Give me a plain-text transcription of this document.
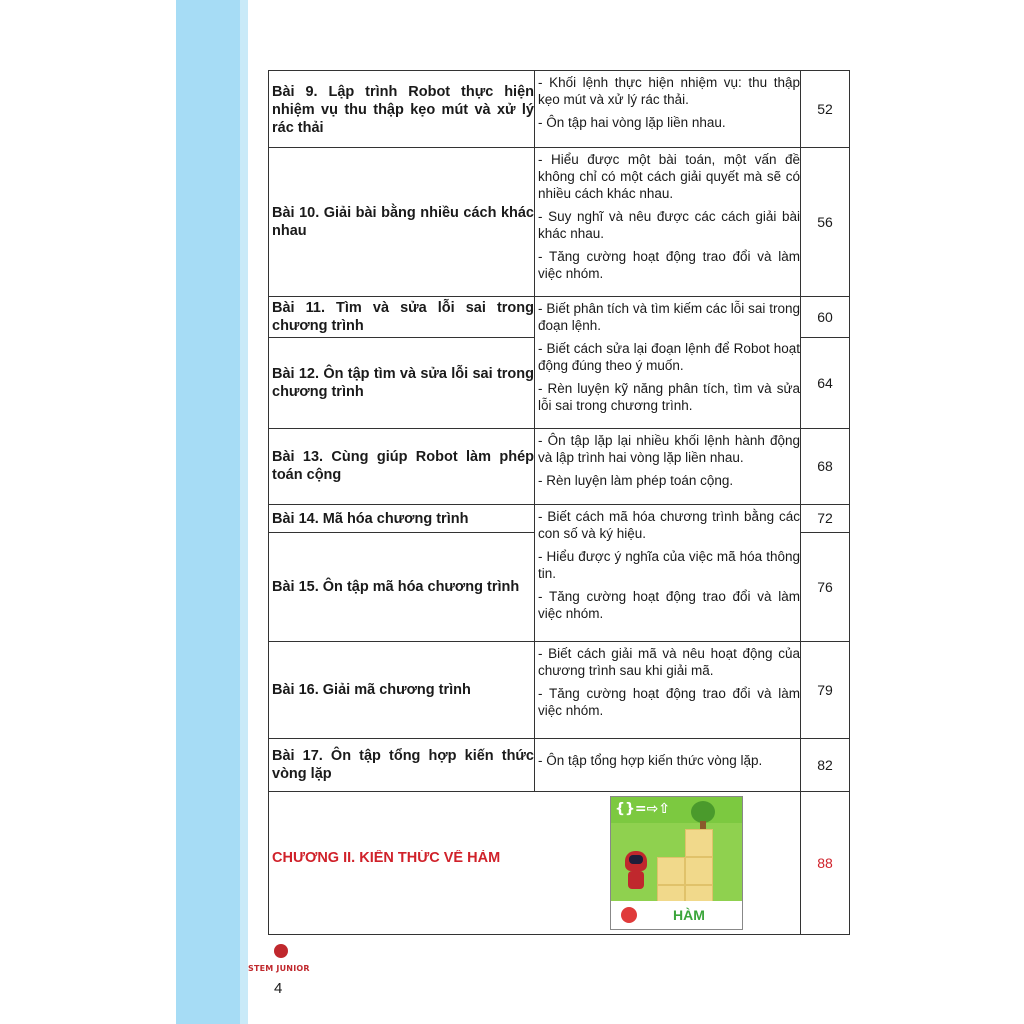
Bài 9. Lập trình Robot thực hiện nhiệm vụ thu thập kẹo mút và xử lý rác thải

- Khối lệnh thực hiện nhiệm vụ: thu thập kẹo mút và xử lý rác thải.

- Ôn tập hai vòng lặp liền nhau.

52
Bài 10. Giải bài bằng nhiều cách khác nhau

- Hiểu được một bài toán, một vấn đề không chỉ có một cách giải quyết mà sẽ có nhiều cách khác nhau.

- Suy nghĩ và nêu được các cách giải bài khác nhau.

- Tăng cường hoạt động trao đổi và làm việc nhóm.

56
Bài 11. Tìm và sửa lỗi sai trong chương trình
Bài 12. Ôn tập tìm và sửa lỗi sai trong chương trình

- Biết phân tích và tìm kiếm các lỗi sai trong đoạn lệnh.

- Biết cách sửa lại đoạn lệnh để Robot hoạt động đúng theo ý muốn.

- Rèn luyện kỹ năng phân tích, tìm và sửa lỗi sai trong chương trình.

60
64
Bài 13. Cùng giúp Robot làm phép toán cộng

- Ôn tập lặp lại nhiều khối lệnh hành động và lập trình hai vòng lặp liền nhau.

- Rèn luyện làm phép toán cộng.

68
Bài 14. Mã hóa chương trình
Bài 15. Ôn tập mã hóa chương trình

- Biết cách mã hóa chương trình bằng các con số và ký hiệu.

- Hiểu được ý nghĩa của việc mã hóa thông tin.

- Tăng cường hoạt động trao đổi và làm việc nhóm.

72
76
Bài 16. Giải mã chương trình

- Biết cách giải mã và nêu hoạt động của chương trình sau khi giải mã.

- Tăng cường hoạt động trao đổi và làm việc nhóm.

79
Bài 17. Ôn tập tổng hợp kiến thức vòng lặp

- Ôn tập tổng hợp kiến thức vòng lặp.	82
CHƯƠNG II. KIẾN THỨC VỀ HÀM	88
{}=⇨⇧
HÀM
STEM JUNIOR
4
